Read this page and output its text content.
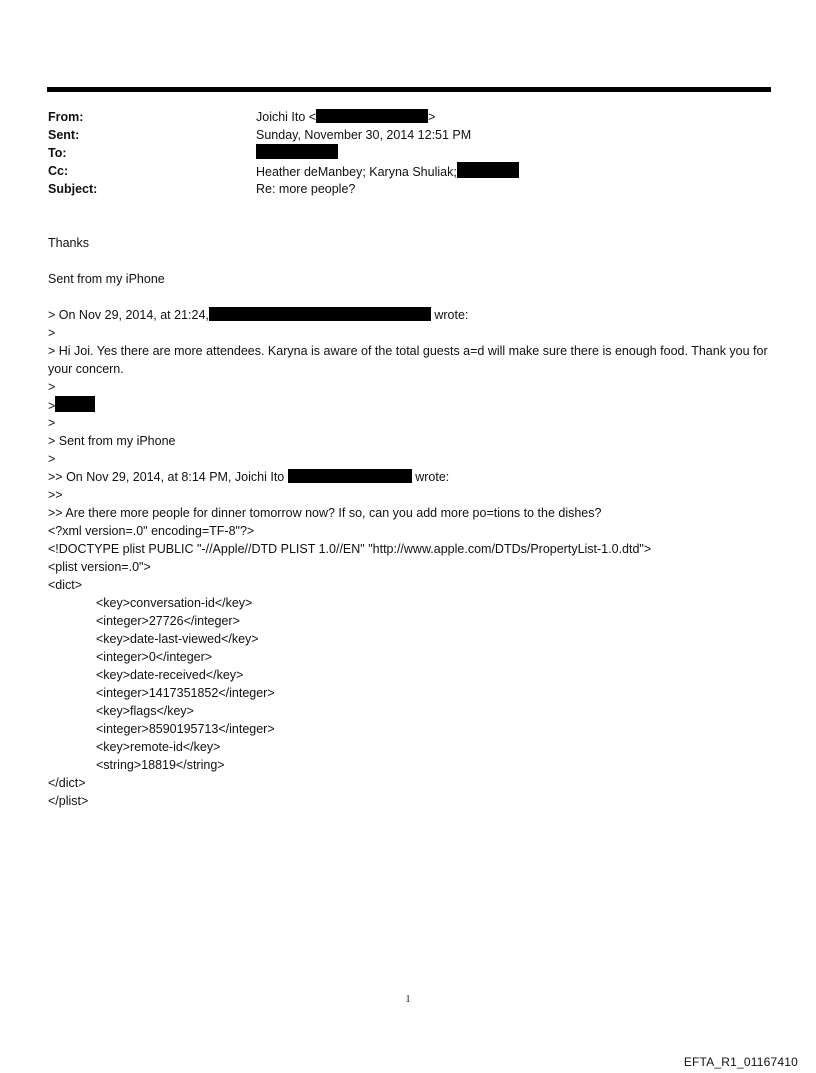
From:	Joichi Ito <	>
Sent:	Sunday, November 30, 2014 12:51 PM
To:
Cc:	Heather deManbey; Karyna Shuliak;
Subject:	Re: more people?
Thanks
Sent from my iPhone
> On Nov 29, 2014, at 21:24,	wrote:
>
> Hi Joi. Yes there are more attendees. Karyna is aware of the total guests a=d will make sure there is enough food. Thank you for your concern.
>
>
>
> Sent from my iPhone
>
>> On Nov 29, 2014, at 8:14 PM, Joichi Ito	wrote:
>>
>> Are there more people for dinner tomorrow now? If so, can you add more po=tions to the dishes?
<?xml version=.0" encoding=TF-8"?>
<!DOCTYPE plist PUBLIC "-//Apple//DTD PLIST 1.0//EN" "http://www.apple.com/DTDs/PropertyList-1.0.dtd">
<plist version=.0">
<dict>
<key>conversation-id</key>
<integer>27726</integer>
<key>date-last-viewed</key>
<integer>0</integer>
<key>date-received</key>
<integer>1417351852</integer>
<key>flags</key>
<integer>8590195713</integer>
<key>remote-id</key>
<string>18819</string>
</dict>
</plist>
1
EFTA_R1_01167410
